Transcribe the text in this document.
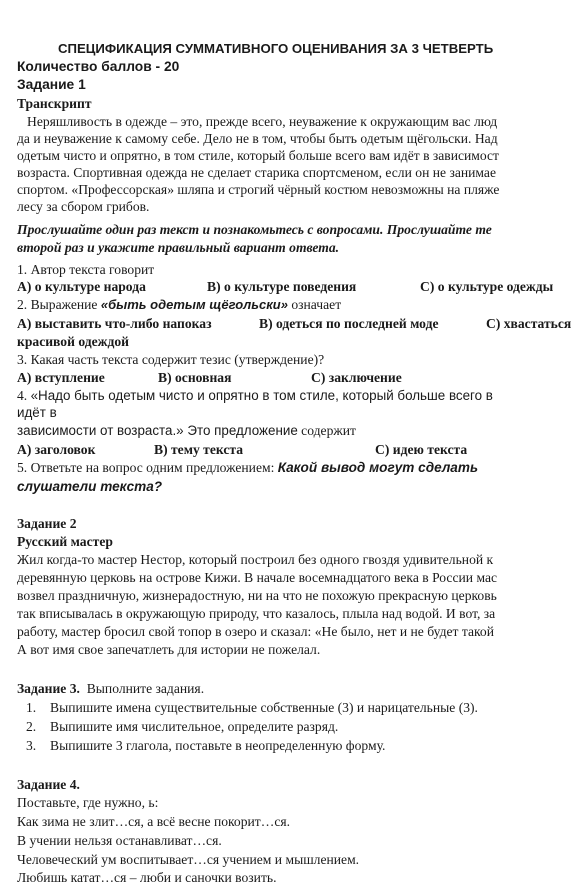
СПЕЦИФИКАЦИЯ СУММАТИВНОГО ОЦЕНИВАНИЯ ЗА 3 ЧЕТВЕРТЬ
Количество баллов - 20
Задание 1
Транскрипт
Неряшливость в одежде – это, прежде всего, неуважение к окружающим вас люд
да и неуважение к самому себе. Дело не в том, чтобы быть одетым щёгольски. Над
одетым чисто и опрятно, в том стиле, который больше всего вам идёт в зависимост
возраста. Спортивная одежда не сделает старика спортсменом, если он не занимае
спортом. «Профессорская» шляпа и строгий чёрный костюм невозможны на пляже
лесу за сбором грибов.
Прослушайте один раз текст и познакомьтесь с вопросами. Прослушайте те
второй раз и укажите правильный вариант ответа.
1. Автор текста говорит
А) о культуре народа	В) о культуре поведения	С) о культуре одежды
2. Выражение «быть одетым щёгольски» означает
А) выставить что-либо напоказ	В) одеться по последней моде	С) хвастаться
красивой одеждой
3. Какая часть текста содержит тезис (утверждение)?
А) вступление	В) основная	С) заключение
4. «Надо быть одетым чисто и опрятно в том стиле, который больше всего в
идёт в
зависимости от возраста.» Это предложение содержит
А) заголовок	В) тему текста	С) идею текста
5. Ответьте на вопрос одним предложением: Какой вывод могут сделать
слушатели текста?
Задание 2
Русский мастер
Жил когда-то мастер Нестор, который построил без одного гвоздя удивительной к
деревянную церковь на острове Кижи. В начале восемнадцатого века в России мас
возвел праздничную, жизнерадостную, ни на что не похожую прекрасную церковь
так вписывалась в окружающую природу, что казалось, плыла над водой. И вот, за
работу, мастер бросил свой топор в озеро и сказал: «Не было, нет и не будет такой
А вот имя свое запечатлеть для истории не пожелал.
Задание 3. Выполните задания.
1. Выпишите имена существительные собственные (3) и нарицательные (3).
2. Выпишите имя числительное, определите разряд.
3. Выпишите 3 глагола, поставьте в неопределенную форму.
Задание 4.
Поставьте, где нужно, ь:
Как зима не злит…ся, а всё весне покорит…ся.
В учении нельзя останавливат…ся.
Человеческий ум воспитывает…ся учением и мышлением.
Любишь катат…ся – люби и саночки возить.
